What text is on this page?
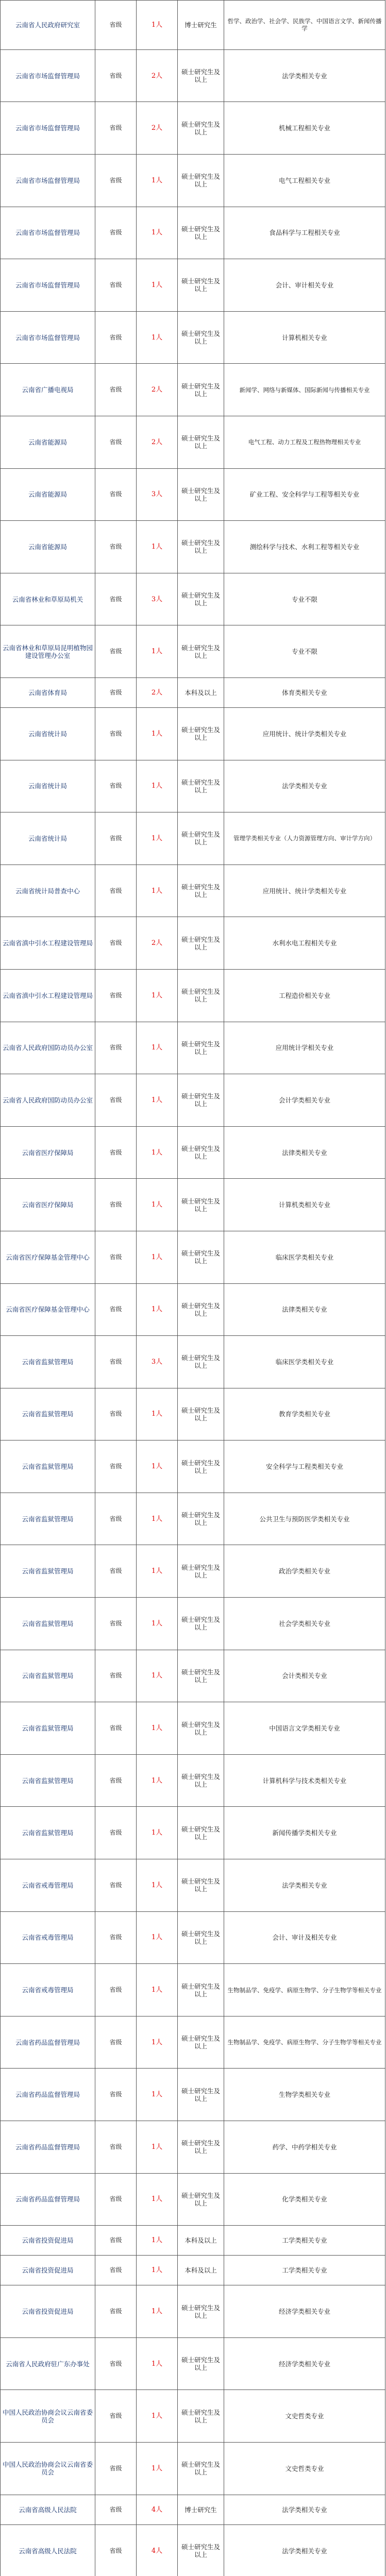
云南省人民政府研究室	省级	1人	博士研究生	哲学、政治学、社会学、民族学、中国语言文学、新闻传播学
云南省市场监督管理局	省级	2人	硕士研究生及以上	法学类相关专业
云南省市场监督管理局	省级	2人	硕士研究生及以上	机械工程相关专业
云南省市场监督管理局	省级	1人	硕士研究生及以上	电气工程相关专业
云南省市场监督管理局	省级	1人	硕士研究生及以上	食品科学与工程相关专业
云南省市场监督管理局	省级	1人	硕士研究生及以上	会计、审计相关专业
云南省市场监督管理局	省级	1人	硕士研究生及以上	计算机相关专业
云南省广播电视局	省级	2人	硕士研究生及以上	新闻学、网络与新媒体、国际新闻与传播相关专业
云南省能源局	省级	2人	硕士研究生及以上	电气工程、动力工程及工程热物理相关专业
云南省能源局	省级	3人	硕士研究生及以上	矿业工程、安全科学与工程等相关专业
云南省能源局	省级	1人	硕士研究生及以上	测绘科学与技术、水利工程等相关专业
云南省林业和草原局机关	省级	3人	硕士研究生及以上	专业不限
云南省林业和草原局昆明植物园建设管理办公室	省级	1人	硕士研究生及以上	专业不限
云南省体育局	省级	2人	本科及以上	体育类相关专业
云南省统计局	省级	1人	硕士研究生及以上	应用统计、统计学类相关专业
云南省统计局	省级	1人	硕士研究生及以上	法学类相关专业
云南省统计局	省级	1人	硕士研究生及以上	管理学类相关专业（人力资源管理方向、审计学方向）
云南省统计局普查中心	省级	1人	硕士研究生及以上	应用统计、统计学类相关专业
云南省滇中引水工程建设管理局	省级	2人	硕士研究生及以上	水利水电工程相关专业
云南省滇中引水工程建设管理局	省级	1人	硕士研究生及以上	工程造价相关专业
云南省人民政府国防动员办公室	省级	1人	硕士研究生及以上	应用统计学相关专业
云南省人民政府国防动员办公室	省级	1人	硕士研究生及以上	会计学类相关专业
云南省医疗保障局	省级	1人	硕士研究生及以上	法律类相关专业
云南省医疗保障局	省级	1人	硕士研究生及以上	计算机类相关专业
云南省医疗保障基金管理中心	省级	1人	硕士研究生及以上	临床医学类相关专业
云南省医疗保障基金管理中心	省级	1人	硕士研究生及以上	法律类相关专业
云南省监狱管理局	省级	3人	硕士研究生及以上	临床医学类相关专业
云南省监狱管理局	省级	1人	硕士研究生及以上	教育学类相关专业
云南省监狱管理局	省级	1人	硕士研究生及以上	安全科学与工程类相关专业
云南省监狱管理局	省级	1人	硕士研究生及以上	公共卫生与预防医学类相关专业
云南省监狱管理局	省级	1人	硕士研究生及以上	政治学类相关专业
云南省监狱管理局	省级	1人	硕士研究生及以上	社会学类相关专业
云南省监狱管理局	省级	1人	硕士研究生及以上	会计类相关专业
云南省监狱管理局	省级	1人	硕士研究生及以上	中国语言文学类相关专业
云南省监狱管理局	省级	1人	硕士研究生及以上	计算机科学与技术类相关专业
云南省监狱管理局	省级	1人	硕士研究生及以上	新闻传播学类相关专业
云南省戒毒管理局	省级	1人	硕士研究生及以上	法学类相关专业
云南省戒毒管理局	省级	1人	硕士研究生及以上	会计、审计及相关专业
云南省戒毒管理局	省级	1人	硕士研究生及以上	生物制品学、免疫学、病原生物学、分子生物学等相关专业
云南省药品监督管理局	省级	1人	硕士研究生及以上	生物制品学、免疫学、病原生物学、分子生物学等相关专业
云南省药品监督管理局	省级	1人	硕士研究生及以上	生物学类相关专业
云南省药品监督管理局	省级	1人	硕士研究生及以上	药学、中药学相关专业
云南省药品监督管理局	省级	1人	硕士研究生及以上	化学类相关专业
云南省投资促进局	省级	1人	本科及以上	工学类相关专业
云南省投资促进局	省级	1人	本科及以上	工学类相关专业
云南省投资促进局	省级	1人	硕士研究生及以上	经济学类相关专业
云南省人民政府驻广东办事处	省级	1人	硕士研究生及以上	经济学类相关专业
中国人民政治协商会议云南省委员会	省级	1人	硕士研究生及以上	文史哲类专业
中国人民政治协商会议云南省委员会	省级	1人	硕士研究生及以上	文史哲类专业
云南省高级人民法院	省级	4人	博士研究生	法学类相关专业
云南省高级人民法院	省级	4人	硕士研究生及以上	法学类相关专业
